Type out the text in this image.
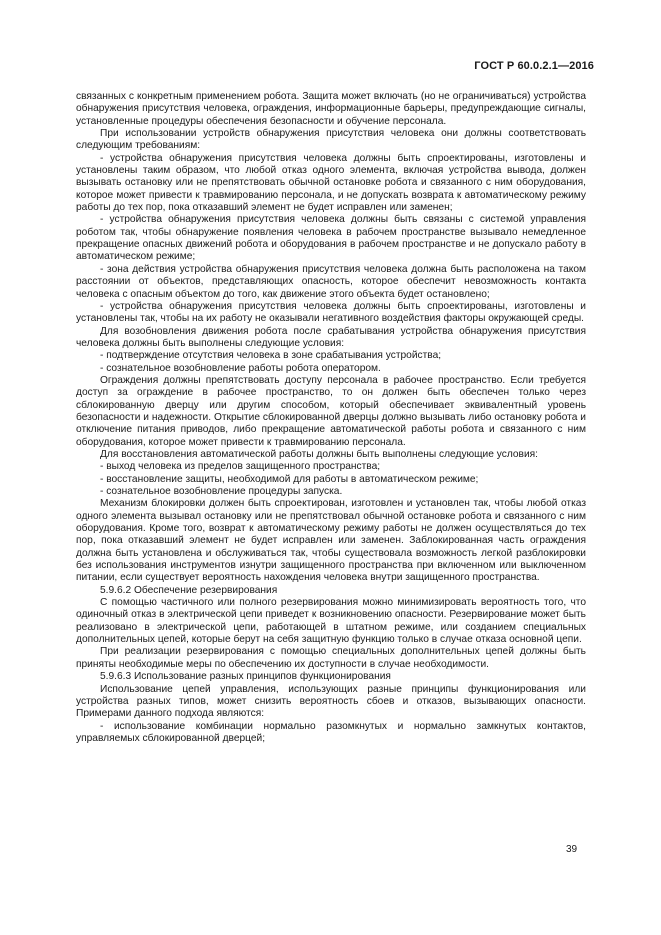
ГОСТ Р 60.0.2.1—2016

связанных с конкретным применением робота. Защита может включать (но не ограничиваться) устройства обнаружения присутствия человека, ограждения, информационные барьеры, предупреждающие сигналы, установленные процедуры обеспечения безопасности и обучение персонала.

При использовании устройств обнаружения присутствия человека они должны соответствовать следующим требованиям:

- устройства обнаружения присутствия человека должны быть спроектированы, изготовлены и установлены таким образом, что любой отказ одного элемента, включая устройства вывода, должен вызывать остановку или не препятствовать обычной остановке робота и связанного с ним оборудования, которое может привести к травмированию персонала, и не допускать возврата к автоматическому режиму работы до тех пор, пока отказавший элемент не будет исправлен или заменен;

- устройства обнаружения присутствия человека должны быть связаны с системой управления роботом так, чтобы обнаружение появления человека в рабочем пространстве вызывало немедленное прекращение опасных движений робота и оборудования в рабочем пространстве и не допускало работу в автоматическом режиме;

- зона действия устройства обнаружения присутствия человека должна быть расположена на таком расстоянии от объектов, представляющих опасность, которое обеспечит невозможность контакта человека с опасным объектом до того, как движение этого объекта будет остановлено;

- устройства обнаружения присутствия человека должны быть спроектированы, изготовлены и установлены так, чтобы на их работу не оказывали негативного воздействия факторы окружающей среды.

Для возобновления движения робота после срабатывания устройства обнаружения присутствия человека должны быть выполнены следующие условия:

- подтверждение отсутствия человека в зоне срабатывания устройства;

- сознательное возобновление работы робота оператором.

Ограждения должны препятствовать доступу персонала в рабочее пространство. Если требуется доступ за ограждение в рабочее пространство, то он должен быть обеспечен только через сблокированную дверцу или другим способом, который обеспечивает эквивалентный уровень безопасности и надежности. Открытие сблокированной дверцы должно вызывать либо остановку робота и отключение питания приводов, либо прекращение автоматической работы робота и связанного с ним оборудования, которое может привести к травмированию персонала.

Для восстановления автоматической работы должны быть выполнены следующие условия:

- выход человека из пределов защищенного пространства;

- восстановление защиты, необходимой для работы в автоматическом режиме;

- сознательное возобновление процедуры запуска.

Механизм блокировки должен быть спроектирован, изготовлен и установлен так, чтобы любой отказ одного элемента вызывал остановку или не препятствовал обычной остановке робота и связанного с ним оборудования. Кроме того, возврат к автоматическому режиму работы не должен осуществляться до тех пор, пока отказавший элемент не будет исправлен или заменен. Заблокированная часть ограждения должна быть установлена и обслуживаться так, чтобы существовала возможность легкой разблокировки без использования инструментов изнутри защищенного пространства при включенном или выключенном питании, если существует вероятность нахождения человека внутри защищенного пространства.

5.9.6.2 Обеспечение резервирования

С помощью частичного или полного резервирования можно минимизировать вероятность того, что одиночный отказ в электрической цепи приведет к возникновению опасности. Резервирование может быть реализовано в электрической цепи, работающей в штатном режиме, или созданием специальных дополнительных цепей, которые берут на себя защитную функцию только в случае отказа основной цепи.

При реализации резервирования с помощью специальных дополнительных цепей должны быть приняты необходимые меры по обеспечению их доступности в случае необходимости.

5.9.6.3 Использование разных принципов функционирования

Использование цепей управления, использующих разные принципы функционирования или устройства разных типов, может снизить вероятность сбоев и отказов, вызывающих опасности. Примерами данного подхода являются:

- использование комбинации нормально разомкнутых и нормально замкнутых контактов, управляемых сблокированной дверцей;

39
